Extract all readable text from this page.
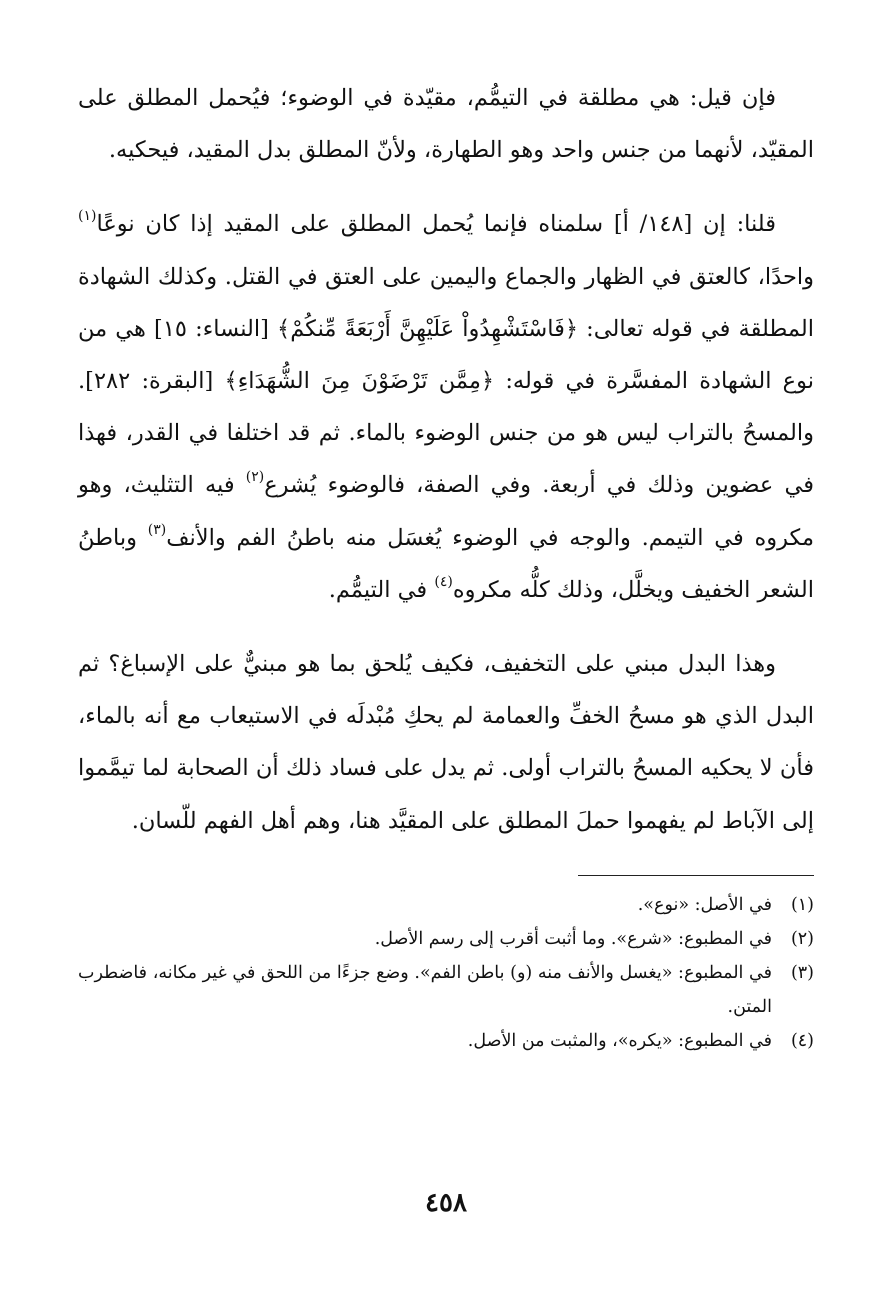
فإن قيل: هي مطلقة في التيمُّم، مقيّدة في الوضوء؛ فيُحمل المطلق على المقيّد، لأنهما من جنس واحد وهو الطهارة، ولأنّ المطلق بدل المقيد، فيحكيه.

قلنا: إن [١٤٨/ أ] سلمناه فإنما يُحمل المطلق على المقيد إذا كان نوعًا$^{(١)}$ واحدًا، كالعتق في الظهار والجماع واليمين على العتق في القتل. وكذلك الشهادة المطلقة في قوله تعالى: ﴿فَاسْتَشْهِدُواْ عَلَيْهِنَّ أَرْبَعَةً مِّنكُمْ﴾ [النساء: ١٥] هي من نوع الشهادة المفسَّرة في قوله: ﴿مِمَّن تَرْضَوْنَ مِنَ الشُّهَدَاءِ﴾ [البقرة: ٢٨٢]. والمسحُ بالتراب ليس هو من جنس الوضوء بالماء. ثم قد اختلفا في القدر، فهذا في عضوين وذلك في أربعة. وفي الصفة، فالوضوء يُشرع$^{(٢)}$ فيه التثليث، وهو مكروه في التيمم. والوجه في الوضوء يُغسَل منه باطنُ الفم والأنف$^{(٣)}$ وباطنُ الشعر الخفيف ويخلَّل، وذلك كلُّه مكروه$^{(٤)}$ في التيمُّم.

وهذا البدل مبني على التخفيف، فكيف يُلحق بما هو مبنيٌّ على الإسباغ؟ ثم البدل الذي هو مسحُ الخفِّ والعمامة لم يحكِ مُبْدلَه في الاستيعاب مع أنه بالماء، فأن لا يحكيه المسحُ بالتراب أولى. ثم يدل على فساد ذلك أن الصحابة لما تيمَّموا إلى الآباط لم يفهموا حملَ المطلق على المقيَّد هنا، وهم أهل الفهم للّسان.

(١)
في الأصل: «نوع».

(٢)
في المطبوع: «شرع». وما أثبت أقرب إلى رسم الأصل.

(٣)
في المطبوع: «يغسل والأنف منه (و) باطن الفم». وضع جزءًا من اللحق في غير مكانه، فاضطرب المتن.

(٤)
في المطبوع: «يكره»، والمثبت من الأصل.

٤٥٨
